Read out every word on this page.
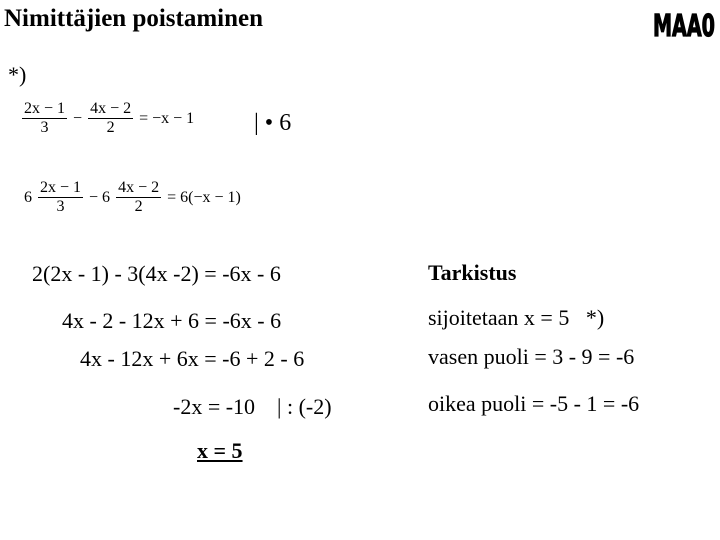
Nimittäjien poistaminen	MAA0
*)
$\frac{2x - 1}{3} - \frac{4x - 2}{2} = -x - 1$ | • 6
$6 \frac{2x - 1}{3} - 6 \frac{4x - 2}{2} = 6(-x - 1)$
2(2x - 1) - 3(4x -2) = -6x - 6
4x - 2 - 12x + 6 = -6x - 6
4x - 12x + 6x = -6 + 2 - 6
-2x = -10    | : (-2)
x = 5
Tarkistus
sijoitetaan x = 5   *)
vasen puoli = 3 - 9 = -6
oikea puoli = -5 - 1 = -6
